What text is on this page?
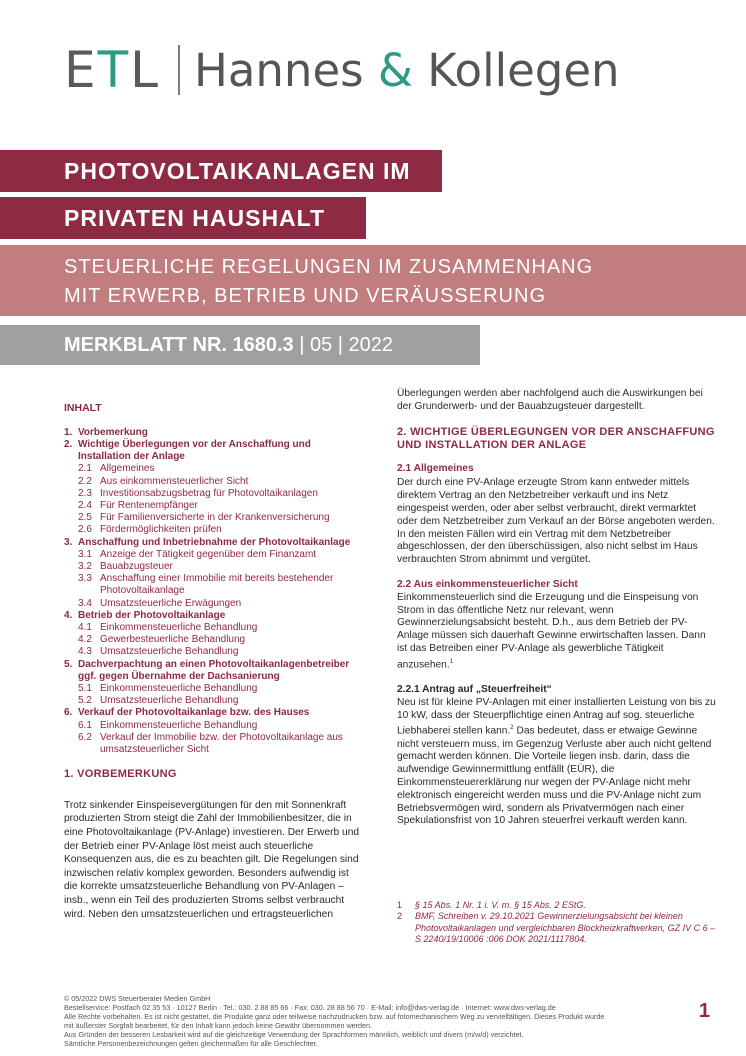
ETL Hannes & Kollegen
PHOTOVOLTAIKANLAGEN IM
PRIVATEN HAUSHALT
STEUERLICHE REGELUNGEN IM ZUSAMMENHANG
MIT ERWERB, BETRIEB UND VERÄUSSERUNG
MERKBLATT NR. 1680.3 | 05 | 2022
INHALT
1. Vorbemerkung
2. Wichtige Überlegungen vor der Anschaffung und Installation der Anlage
2.1 Allgemeines
2.2 Aus einkommensteuerlicher Sicht
2.3 Investitionsabzugsbetrag für Photovoltaikanlagen
2.4 Für Rentenempfänger
2.5 Für Familienversicherte in der Krankenversicherung
2.6 Fördermöglichkeiten prüfen
3. Anschaffung und Inbetriebnahme der Photovoltaikanlage
3.1 Anzeige der Tätigkeit gegenüber dem Finanzamt
3.2 Bauabzugsteuer
3.3 Anschaffung einer Immobilie mit bereits bestehender Photovoltaikanlage
3.4 Umsatzsteuerliche Erwägungen
4. Betrieb der Photovoltaikanlage
4.1 Einkommensteuerliche Behandlung
4.2 Gewerbesteuerliche Behandlung
4.3 Umsatzsteuerliche Behandlung
5. Dachverpachtung an einen Photovoltaikanlagenbetreiber ggf. gegen Übernahme der Dachsanierung
5.1 Einkommensteuerliche Behandlung
5.2 Umsatzsteuerliche Behandlung
6. Verkauf der Photovoltaikanlage bzw. des Hauses
6.1 Einkommensteuerliche Behandlung
6.2 Verkauf der Immobilie bzw. der Photovoltaikanlage aus umsatzsteuerlicher Sicht
1. VORBEMERKUNG

Trotz sinkender Einspeisevergütungen für den mit Sonnenkraft produzierten Strom steigt die Zahl der Immobilienbesitzer, die in eine Photovoltaikanlage (PV-Anlage) investieren. Der Erwerb und der Betrieb einer PV-Anlage löst meist auch steuerliche Konsequenzen aus, die es zu beachten gilt. Die Regelungen sind inzwischen relativ komplex geworden. Besonders aufwendig ist die korrekte umsatzsteuerliche Behandlung von PV-Anlagen – insb., wenn ein Teil des produzierten Stroms selbst verbraucht wird. Neben den umsatzsteuerlichen und ertragsteuerlichen

Überlegungen werden aber nachfolgend auch die Auswirkungen bei der Grunderwerb- und der Bauabzugsteuer dargestellt.

2. WICHTIGE ÜBERLEGUNGEN VOR DER ANSCHAFFUNG UND INSTALLATION DER ANLAGE
2.1 Allgemeines

Der durch eine PV-Anlage erzeugte Strom kann entweder mittels direktem Vertrag an den Netzbetreiber verkauft und ins Netz eingespeist werden, oder aber selbst verbraucht, direkt vermarktet oder dem Netzbetreiber zum Verkauf an der Börse angeboten werden. In den meisten Fällen wird ein Vertrag mit dem Netzbetreiber abgeschlossen, der den überschüssigen, also nicht selbst im Haus verbrauchten Strom abnimmt und vergütet.

2.2 Aus einkommensteuerlicher Sicht

Einkommensteuerlich sind die Erzeugung und die Einspeisung von Strom in das öffentliche Netz nur relevant, wenn Gewinnerzielungsabsicht besteht. D.h., aus dem Betrieb der PV-Anlage müssen sich dauerhaft Gewinne erwirtschaften lassen. Dann ist das Betreiben einer PV-Anlage als gewerbliche Tätigkeit anzusehen.$^1$

2.2.1 Antrag auf „Steuerfreiheit“

Neu ist für kleine PV-Anlagen mit einer installierten Leistung von bis zu 10 kW, dass der Steuerpflichtige einen Antrag auf sog. steuerliche Liebhaberei stellen kann.$^2$ Das bedeutet, dass er etwaige Gewinne nicht versteuern muss, im Gegenzug Verluste aber auch nicht geltend gemacht werden können. Die Vorteile liegen insb. darin, dass die aufwendige Gewinnermittlung entfällt (EÜR), die Einkommensteuererklärung nur wegen der PV-Anlage nicht mehr elektronisch eingereicht werden muss und die PV-Anlage nicht zum Betriebsvermögen wird, sondern als Privatvermögen nach einer Spekulationsfrist von 10 Jahren steuerfrei verkauft werden kann.

1	§ 15 Abs. 1 Nr. 1 i. V. m. § 15 Abs. 2 EStG.
2	BMF, Schreiben v. 29.10.2021 Gewinnerzielungsabsicht bei kleinen Photovoltaikanlagen und vergleichbaren Blockheizkraftwerken, GZ IV C 6 – S 2240/19/10006 :006 DOK 2021/1117804.
© 05/2022 DWS Steuerberater Medien GmbH
Bestellservice: Postfach 02 35 53 · 10127 Berlin · Tel.: 030. 2 88 85 66 · Fax: 030. 28 88 56 70 · E-Mail: info@dws-verlag.de · Internet: www.dws-verlag.de
Alle Rechte vorbehalten. Es ist nicht gestattet, die Produkte ganz oder teilweise nachzudrucken bzw. auf fotomechanischem Weg zu vervielfältigen. Dieses Produkt wurde
mit äußerster Sorgfalt bearbeitet, für den Inhalt kann jedoch keine Gewähr übernommen werden.
Aus Gründen der besseren Lesbarkeit wird auf die gleichzeitige Verwendung der Sprachformen männlich, weiblich und divers (m/w/d) verzichtet.
Sämtliche Personenbezeichnungen gelten gleichermaßen für alle Geschlechter.
1
